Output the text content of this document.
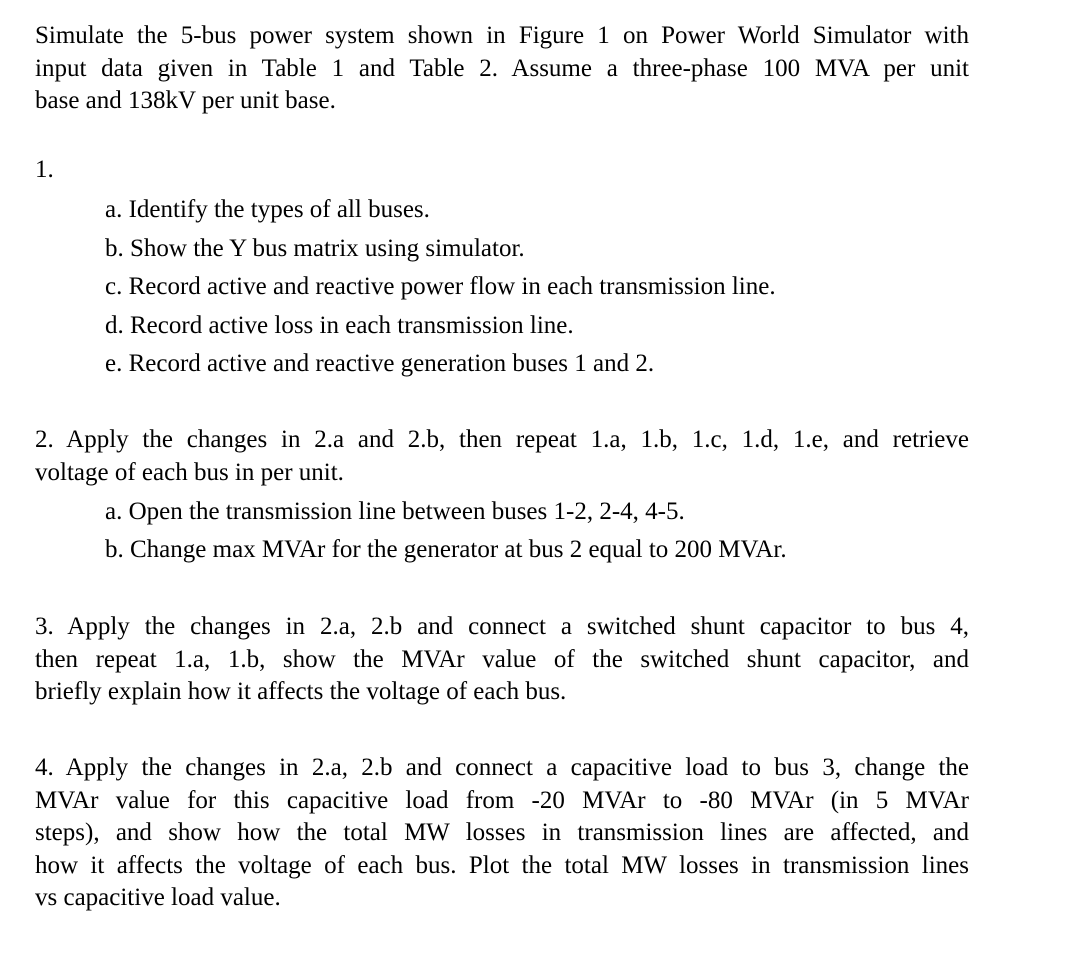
Simulate the 5-bus power system shown in Figure 1 on Power World Simulator with
input data given in Table 1 and Table 2. Assume a three-phase 100 MVA per unit
base and 138kV per unit base.
1.
a. Identify the types of all buses.
b. Show the Y bus matrix using simulator.
c. Record active and reactive power flow in each transmission line.
d. Record active loss in each transmission line.
e. Record active and reactive generation buses 1 and 2.
2. Apply the changes in 2.a and 2.b, then repeat 1.a, 1.b, 1.c, 1.d, 1.e, and retrieve
voltage of each bus in per unit.
a. Open the transmission line between buses 1-2, 2-4, 4-5.
b. Change max MVAr for the generator at bus 2 equal to 200 MVAr.
3. Apply the changes in 2.a, 2.b and connect a switched shunt capacitor to bus 4,
then repeat 1.a, 1.b, show the MVAr value of the switched shunt capacitor, and
briefly explain how it affects the voltage of each bus.
4. Apply the changes in 2.a, 2.b and connect a capacitive load to bus 3, change the
MVAr value for this capacitive load from -20 MVAr to -80 MVAr (in 5 MVAr
steps), and show how the total MW losses in transmission lines are affected, and
how it affects the voltage of each bus. Plot the total MW losses in transmission lines
vs capacitive load value.
